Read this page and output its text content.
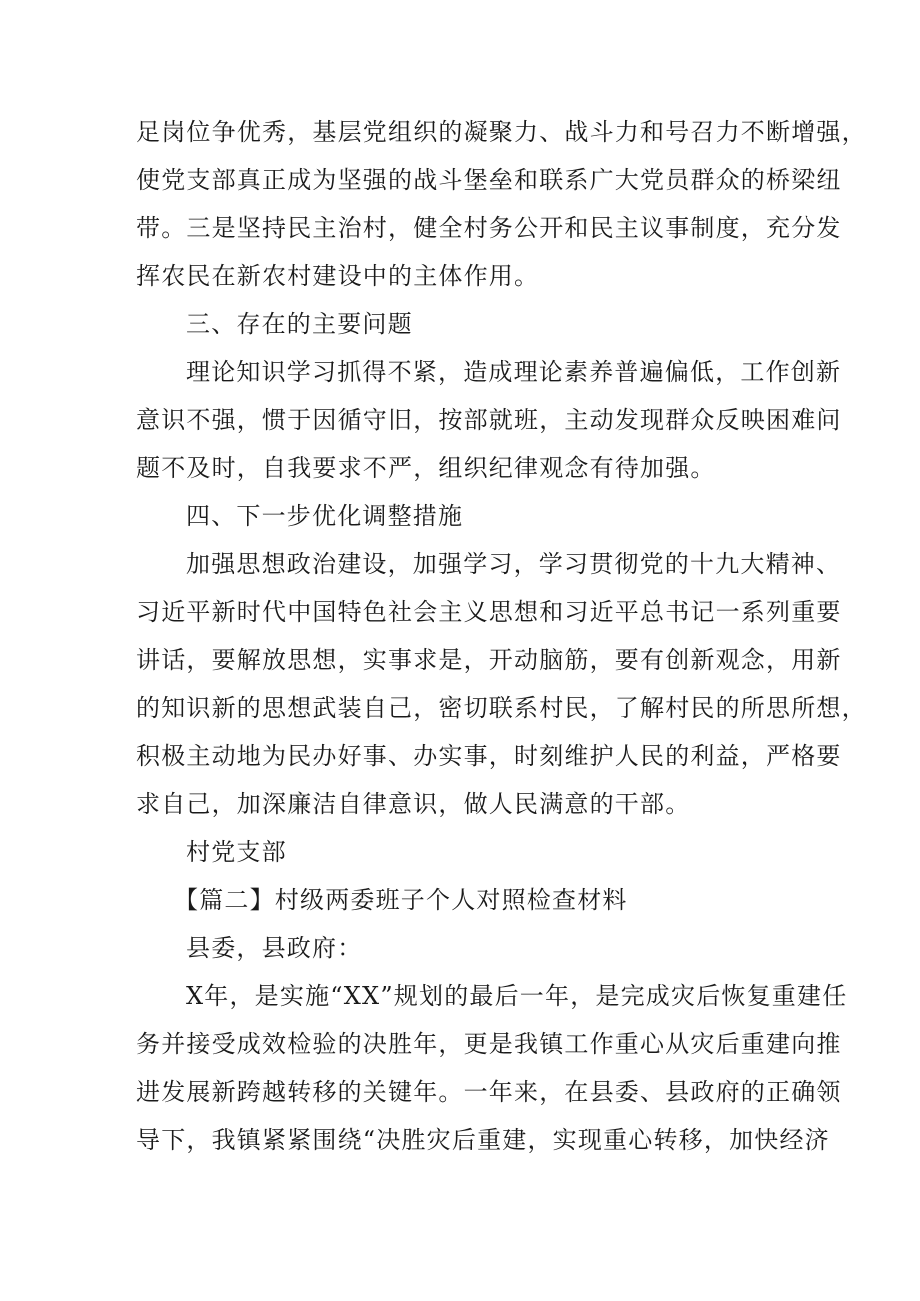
足岗位争优秀，基层党组织的凝聚力、战斗力和号召力不断增强，
使党支部真正成为坚强的战斗堡垒和联系广大党员群众的桥梁纽
带。三是坚持民主治村，健全村务公开和民主议事制度，充分发
挥农民在新农村建设中的主体作用。
三、存在的主要问题
理论知识学习抓得不紧，造成理论素养普遍偏低，工作创新
意识不强，惯于因循守旧，按部就班，主动发现群众反映困难问
题不及时，自我要求不严，组织纪律观念有待加强。
四、下一步优化调整措施
加强思想政治建设，加强学习，学习贯彻党的十九大精神、
习近平新时代中国特色社会主义思想和习近平总书记一系列重要
讲话，要解放思想，实事求是，开动脑筋，要有创新观念，用新
的知识新的思想武装自己，密切联系村民，了解村民的所思所想，
积极主动地为民办好事、办实事，时刻维护人民的利益，严格要
求自己，加深廉洁自律意识，做人民满意的干部。
村党支部
【篇二】村级两委班子个人对照检查材料
县委，县政府：
X年，是实施“XX”规划的最后一年，是完成灾后恢复重建任
务并接受成效检验的决胜年，更是我镇工作重心从灾后重建向推
进发展新跨越转移的关键年。一年来，在县委、县政府的正确领
导下，我镇紧紧围绕“决胜灾后重建，实现重心转移，加快经济
